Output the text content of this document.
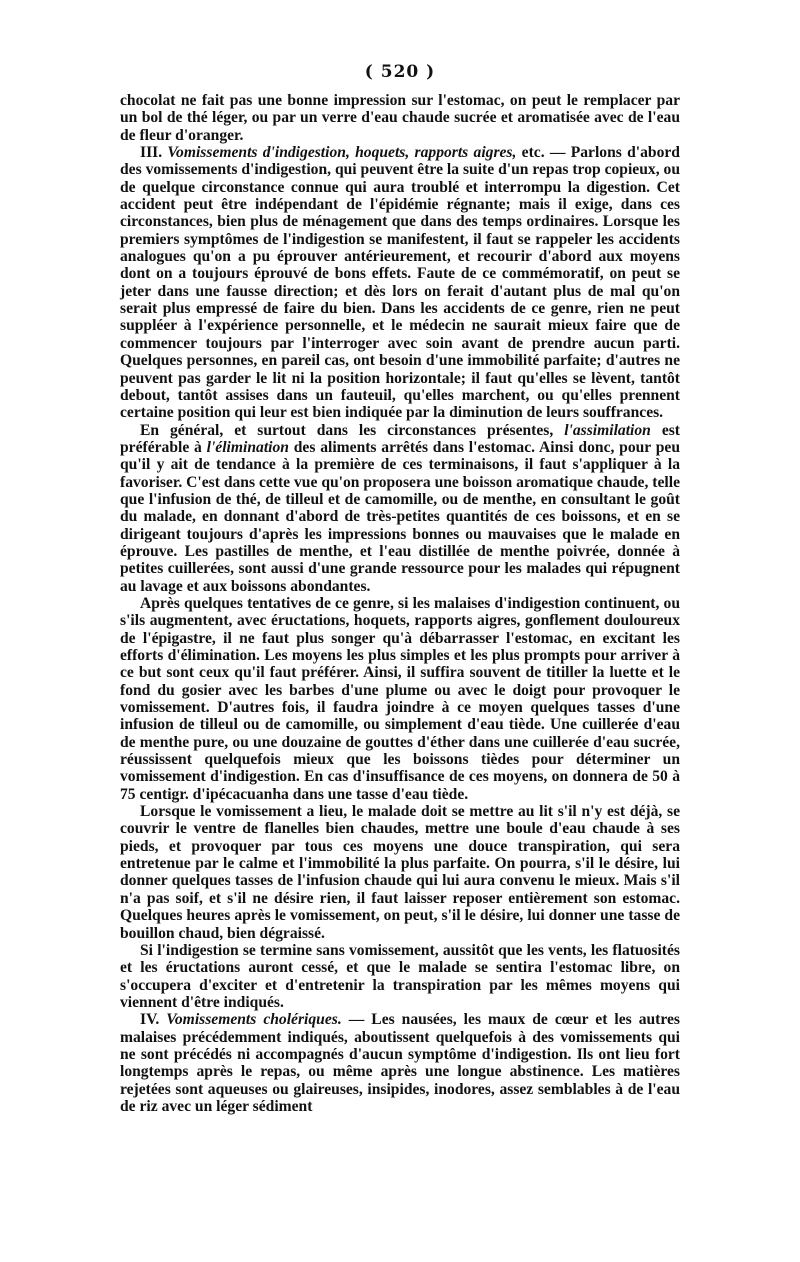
( 520 )

chocolat ne fait pas une bonne impression sur l'estomac, on peut le remplacer par un bol de thé léger, ou par un verre d'eau chaude sucrée et aromatisée avec de l'eau de fleur d'oranger.

III. Vomissements d'indigestion, hoquets, rapports aigres, etc. — Parlons d'abord des vomissements d'indigestion, qui peuvent être la suite d'un repas trop copieux, ou de quelque circonstance connue qui aura troublé et interrompu la digestion. Cet accident peut être indépendant de l'épidémie régnante; mais il exige, dans ces circonstances, bien plus de ménagement que dans des temps ordinaires. Lorsque les premiers symptômes de l'indigestion se manifestent, il faut se rappeler les accidents analogues qu'on a pu éprouver antérieurement, et recourir d'abord aux moyens dont on a toujours éprouvé de bons effets. Faute de ce commémoratif, on peut se jeter dans une fausse direction; et dès lors on ferait d'autant plus de mal qu'on serait plus empressé de faire du bien. Dans les accidents de ce genre, rien ne peut suppléer à l'expérience personnelle, et le médecin ne saurait mieux faire que de commencer toujours par l'interroger avec soin avant de prendre aucun parti. Quelques personnes, en pareil cas, ont besoin d'une immobilité parfaite; d'autres ne peuvent pas garder le lit ni la position horizontale; il faut qu'elles se lèvent, tantôt debout, tantôt assises dans un fauteuil, qu'elles marchent, ou qu'elles prennent certaine position qui leur est bien indiquée par la diminution de leurs souffrances.

En général, et surtout dans les circonstances présentes, l'assimilation est préférable à l'élimination des aliments arrêtés dans l'estomac. Ainsi donc, pour peu qu'il y ait de tendance à la première de ces terminaisons, il faut s'appliquer à la favoriser. C'est dans cette vue qu'on proposera une boisson aromatique chaude, telle que l'infusion de thé, de tilleul et de camomille, ou de menthe, en consultant le goût du malade, en donnant d'abord de très-petites quantités de ces boissons, et en se dirigeant toujours d'après les impressions bonnes ou mauvaises que le malade en éprouve. Les pastilles de menthe, et l'eau distillée de menthe poivrée, donnée à petites cuillerées, sont aussi d'une grande ressource pour les malades qui répugnent au lavage et aux boissons abondantes.

Après quelques tentatives de ce genre, si les malaises d'indigestion continuent, ou s'ils augmentent, avec éructations, hoquets, rapports aigres, gonflement douloureux de l'épigastre, il ne faut plus songer qu'à débarrasser l'estomac, en excitant les efforts d'élimination. Les moyens les plus simples et les plus prompts pour arriver à ce but sont ceux qu'il faut préférer. Ainsi, il suffira souvent de titiller la luette et le fond du gosier avec les barbes d'une plume ou avec le doigt pour provoquer le vomissement. D'autres fois, il faudra joindre à ce moyen quelques tasses d'une infusion de tilleul ou de camomille, ou simplement d'eau tiède. Une cuillerée d'eau de menthe pure, ou une douzaine de gouttes d'éther dans une cuillerée d'eau sucrée, réussissent quelquefois mieux que les boissons tièdes pour déterminer un vomissement d'indigestion. En cas d'insuffisance de ces moyens, on donnera de 50 à 75 centigr. d'ipécacuanha dans une tasse d'eau tiède.

Lorsque le vomissement a lieu, le malade doit se mettre au lit s'il n'y est déjà, se couvrir le ventre de flanelles bien chaudes, mettre une boule d'eau chaude à ses pieds, et provoquer par tous ces moyens une douce transpiration, qui sera entretenue par le calme et l'immobilité la plus parfaite. On pourra, s'il le désire, lui donner quelques tasses de l'infusion chaude qui lui aura convenu le mieux. Mais s'il n'a pas soif, et s'il ne désire rien, il faut laisser reposer entièrement son estomac. Quelques heures après le vomissement, on peut, s'il le désire, lui donner une tasse de bouillon chaud, bien dégraissé.

Si l'indigestion se termine sans vomissement, aussitôt que les vents, les flatuosités et les éructations auront cessé, et que le malade se sentira l'estomac libre, on s'occupera d'exciter et d'entretenir la transpiration par les mêmes moyens qui viennent d'être indiqués.

IV. Vomissements cholériques. — Les nausées, les maux de cœur et les autres malaises précédemment indiqués, aboutissent quelquefois à des vomissements qui ne sont précédés ni accompagnés d'aucun symptôme d'indigestion. Ils ont lieu fort longtemps après le repas, ou même après une longue abstinence. Les matières rejetées sont aqueuses ou glaireuses, insipides, inodores, assez semblables à de l'eau de riz avec un léger sédiment
